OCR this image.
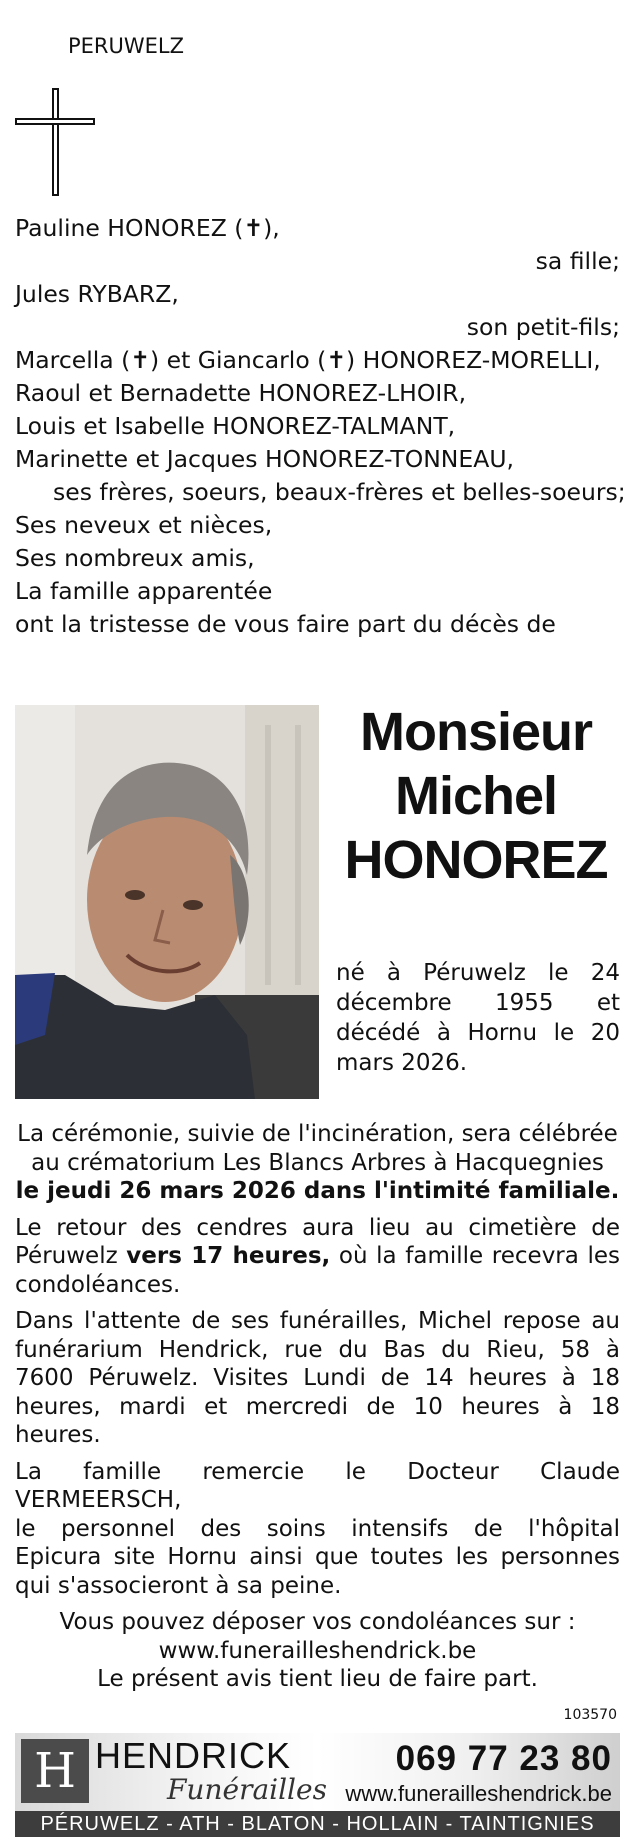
PERUWELZ
Pauline HONOREZ (✝),
sa fille;
Jules RYBARZ,
son petit-fils;
Marcella (✝) et Giancarlo (✝) HONOREZ-MORELLI,
Raoul et Bernadette HONOREZ-LHOIR,
Louis et Isabelle HONOREZ-TALMANT,
Marinette et Jacques HONOREZ-TONNEAU,
ses frères, soeurs, beaux-frères et belles-soeurs;
Ses neveux et nièces,
Ses nombreux amis,
La famille apparentée
ont la tristesse de vous faire part du décès de
Monsieur
Michel
HONOREZ
né à Péruwelz le 24
décembre 1955 et
décédé à Hornu le 20
mars 2026.

La cérémonie, suivie de l'incinération, sera célébrée
au crématorium Les Blancs Arbres à Hacquegnies
le jeudi 26 mars 2026 dans l'intimité familiale.

Le retour des cendres aura lieu au cimetière de
Péruwelz vers 17 heures, où la famille recevra les
condoléances.

Dans l'attente de ses funérailles, Michel repose au
funérarium Hendrick, rue du Bas du Rieu, 58 à
7600 Péruwelz. Visites Lundi de 14 heures à 18
heures, mardi et mercredi de 10 heures à 18
heures.

La famille remercie le Docteur Claude VERMEERSCH,
le personnel des soins intensifs de l'hôpital
Epicura site Hornu ainsi que toutes les personnes
qui s'associeront à sa peine.

Vous pouvez déposer vos condoléances sur :
www.funerailleshendrick.be
Le présent avis tient lieu de faire part.

103570
H HENDRICK
Funérailles
069 77 23 80
www.funerailleshendrick.be
PÉRUWELZ - ATH - BLATON - HOLLAIN - TAINTIGNIES
